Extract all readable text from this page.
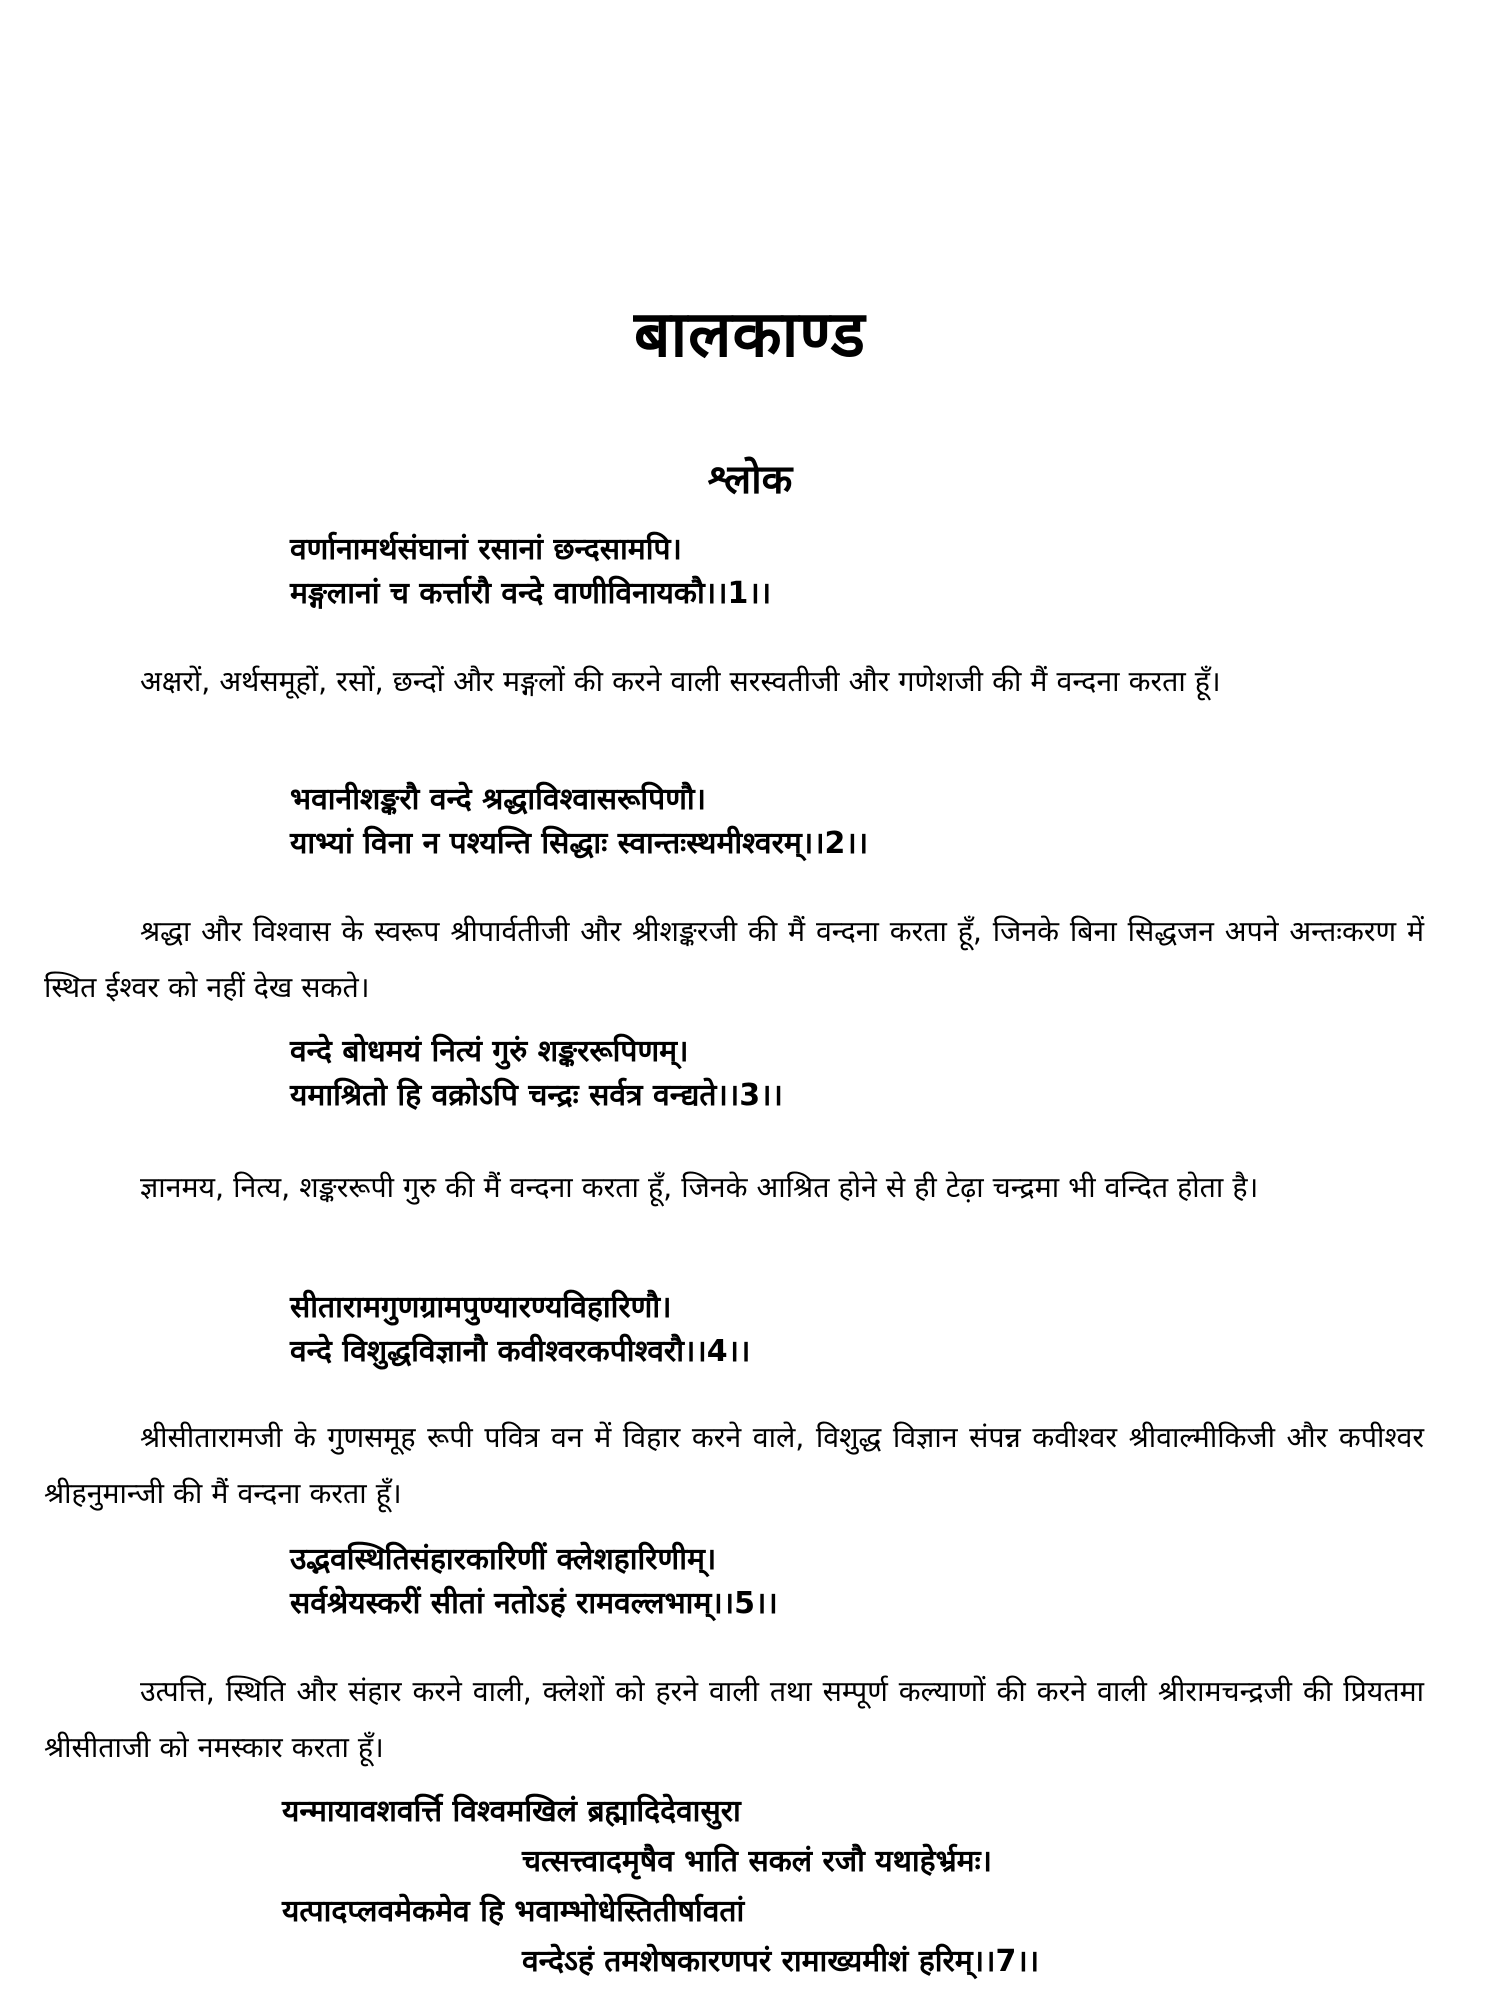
बालकाण्ड
श्लोक
वर्णानामर्थसंघानां रसानां छन्दसामपि।
मङ्गलानां च कर्त्तारौ वन्दे वाणीविनायकौ।।1।।
अक्षरों, अर्थसमूहों, रसों, छन्दों और मङ्गलों की करने वाली सरस्वतीजी और गणेशजी की मैं वन्दना करता हूँ।
भवानीशङ्करौ वन्दे श्रद्धाविश्वासरूपिणौ।
याभ्यां विना न पश्यन्ति सिद्धाः स्वान्तःस्थमीश्वरम्।।2।।
श्रद्धा और विश्वास के स्वरूप श्रीपार्वतीजी और श्रीशङ्करजी की मैं वन्दना करता हूँ, जिनके बिना सिद्धजन अपने अन्तःकरण में स्थित ईश्वर को नहीं देख सकते।
वन्दे बोधमयं नित्यं गुरुं शङ्कररूपिणम्।
यमाश्रितो हि वक्रोऽपि चन्द्रः सर्वत्र वन्द्यते।।3।।
ज्ञानमय, नित्य, शङ्कररूपी गुरु की मैं वन्दना करता हूँ, जिनके आश्रित होने से ही टेढ़ा चन्द्रमा भी वन्दित होता है।
सीतारामगुणग्रामपुण्यारण्यविहारिणौ।
वन्दे विशुद्धविज्ञानौ कवीश्वरकपीश्वरौ।।4।।
श्रीसीतारामजी के गुणसमूह रूपी पवित्र वन में विहार करने वाले, विशुद्ध विज्ञान संपन्न कवीश्वर श्रीवाल्मीकिजी और कपीश्वर श्रीहनुमान्जी की मैं वन्दना करता हूँ।
उद्भवस्थितिसंहारकारिणीं क्लेशहारिणीम्।
सर्वश्रेयस्करीं सीतां नतोऽहं रामवल्लभाम्।।5।।
उत्पत्ति, स्थिति और संहार करने वाली, क्लेशों को हरने वाली तथा सम्पूर्ण कल्याणों की करने वाली श्रीरामचन्द्रजी की प्रियतमा श्रीसीताजी को नमस्कार करता हूँ।
यन्मायावशवर्त्ति विश्वमखिलं ब्रह्मादिदेवासुरा
चत्सत्त्वादमृषैव भाति सकलं रजौ यथाहेर्भ्रमः।
यत्पादप्लवमेकमेव हि भवाम्भोधेस्तितीर्षावतां
वन्देऽहं तमशेषकारणपरं रामाख्यमीशं हरिम्।।7।।
